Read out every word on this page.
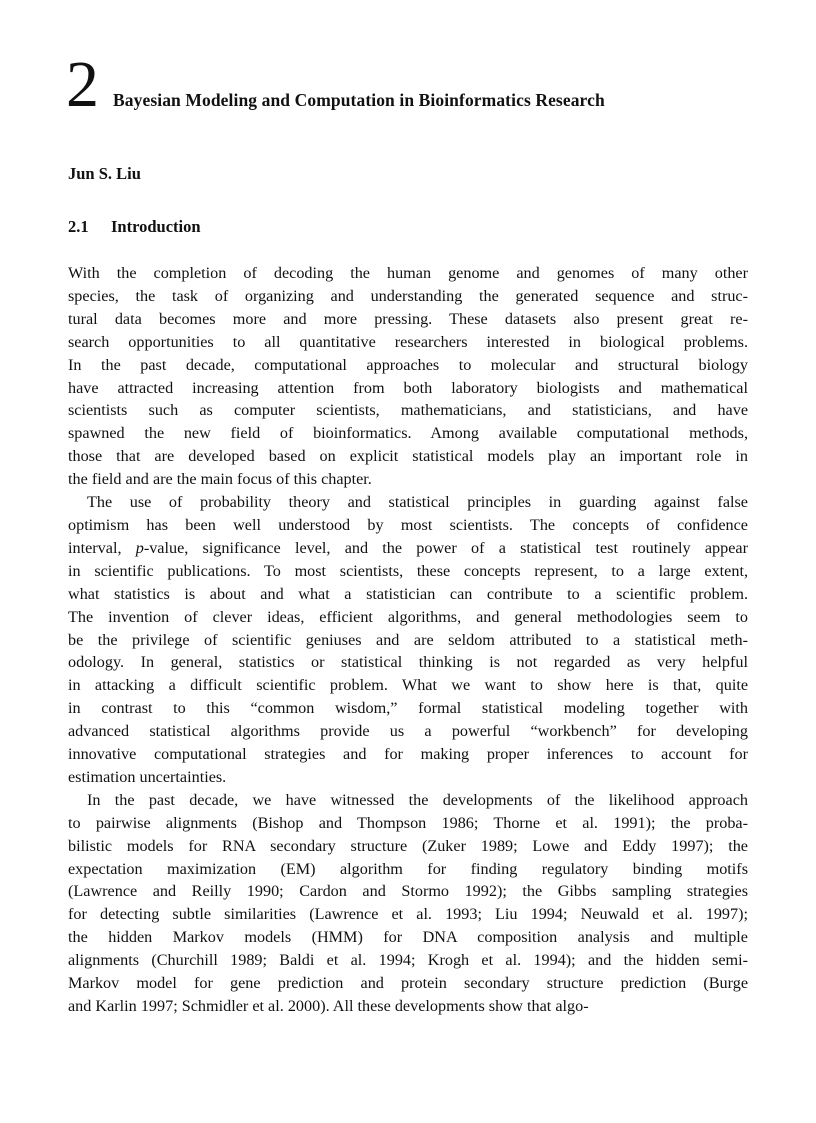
2 Bayesian Modeling and Computation in Bioinformatics Research
Jun S. Liu
2.1 Introduction
With the completion of decoding the human genome and genomes of many other
species, the task of organizing and understanding the generated sequence and struc-
tural data becomes more and more pressing. These datasets also present great re-
search opportunities to all quantitative researchers interested in biological problems.
In the past decade, computational approaches to molecular and structural biology
have attracted increasing attention from both laboratory biologists and mathematical
scientists such as computer scientists, mathematicians, and statisticians, and have
spawned the new field of bioinformatics. Among available computational methods,
those that are developed based on explicit statistical models play an important role in
the field and are the main focus of this chapter.
The use of probability theory and statistical principles in guarding against false
optimism has been well understood by most scientists. The concepts of confidence
interval, p-value, significance level, and the power of a statistical test routinely appear
in scientific publications. To most scientists, these concepts represent, to a large extent,
what statistics is about and what a statistician can contribute to a scientific problem.
The invention of clever ideas, efficient algorithms, and general methodologies seem to
be the privilege of scientific geniuses and are seldom attributed to a statistical meth-
odology. In general, statistics or statistical thinking is not regarded as very helpful
in attacking a difficult scientific problem. What we want to show here is that, quite
in contrast to this “common wisdom,” formal statistical modeling together with
advanced statistical algorithms provide us a powerful “workbench” for developing
innovative computational strategies and for making proper inferences to account for
estimation uncertainties.
In the past decade, we have witnessed the developments of the likelihood approach
to pairwise alignments (Bishop and Thompson 1986; Thorne et al. 1991); the proba-
bilistic models for RNA secondary structure (Zuker 1989; Lowe and Eddy 1997); the
expectation maximization (EM) algorithm for finding regulatory binding motifs
(Lawrence and Reilly 1990; Cardon and Stormo 1992); the Gibbs sampling strategies
for detecting subtle similarities (Lawrence et al. 1993; Liu 1994; Neuwald et al. 1997);
the hidden Markov models (HMM) for DNA composition analysis and multiple
alignments (Churchill 1989; Baldi et al. 1994; Krogh et al. 1994); and the hidden semi-
Markov model for gene prediction and protein secondary structure prediction (Burge
and Karlin 1997; Schmidler et al. 2000). All these developments show that algo-
